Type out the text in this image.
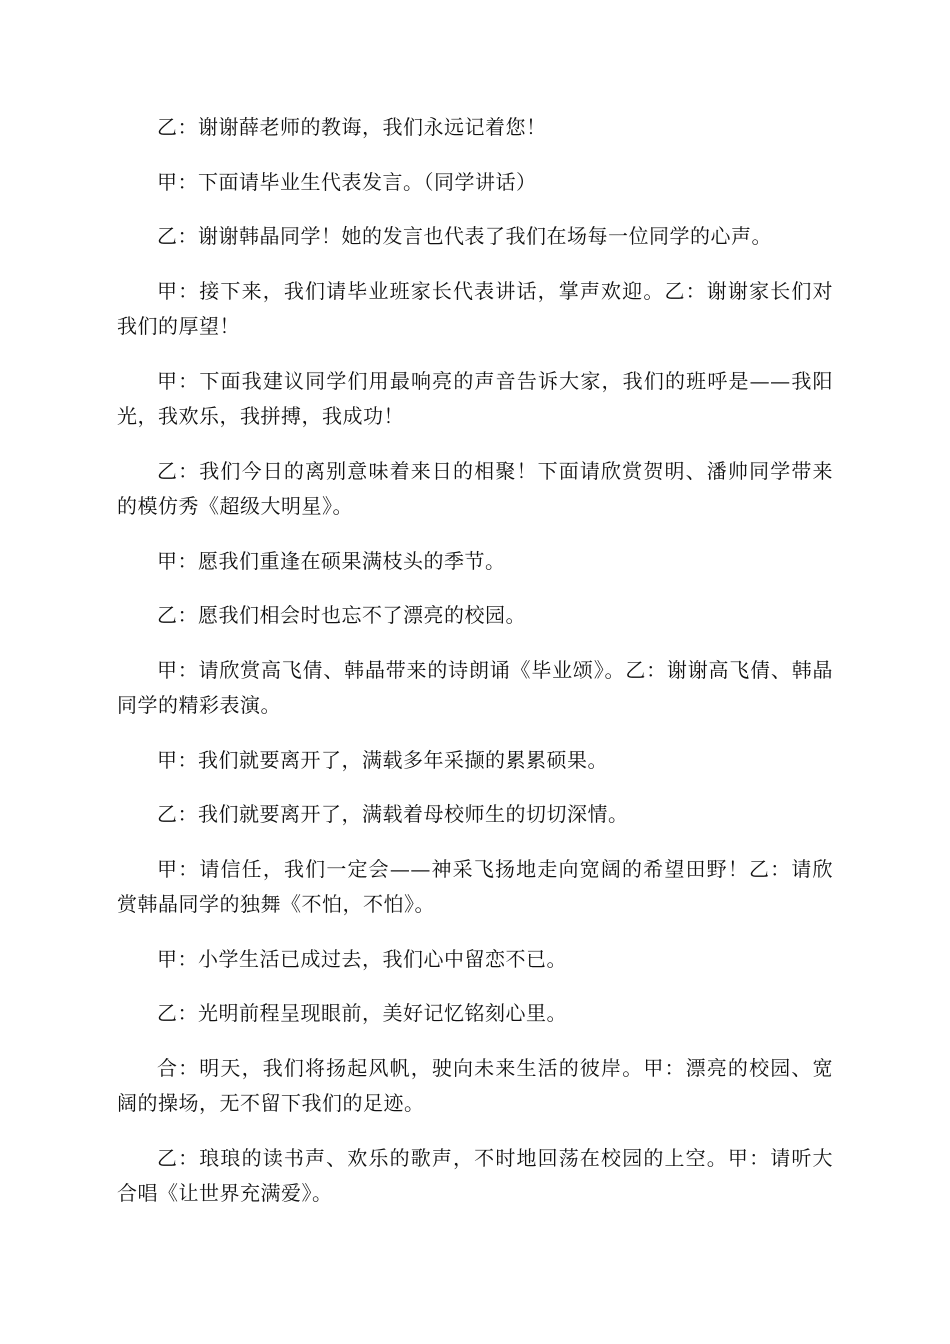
乙：谢谢薛老师的教诲，我们永远记着您！

甲：下面请毕业生代表发言。（同学讲话）

乙：谢谢韩晶同学！她的发言也代表了我们在场每一位同学的心声。

甲：接下来，我们请毕业班家长代表讲话，掌声欢迎。乙：谢谢家长们对我们的厚望！

甲：下面我建议同学们用最响亮的声音告诉大家，我们的班呼是——我阳光，我欢乐，我拼搏，我成功！

乙：我们今日的离别意味着来日的相聚！下面请欣赏贺明、潘帅同学带来的模仿秀《超级大明星》。

甲：愿我们重逢在硕果满枝头的季节。

乙：愿我们相会时也忘不了漂亮的校园。

甲：请欣赏高飞倩、韩晶带来的诗朗诵《毕业颂》。乙：谢谢高飞倩、韩晶同学的精彩表演。

甲：我们就要离开了，满载多年采撷的累累硕果。

乙：我们就要离开了，满载着母校师生的切切深情。

甲：请信任，我们一定会——神采飞扬地走向宽阔的希望田野！乙：请欣赏韩晶同学的独舞《不怕，不怕》。

甲：小学生活已成过去，我们心中留恋不已。

乙：光明前程呈现眼前，美好记忆铭刻心里。

合：明天，我们将扬起风帆，驶向未来生活的彼岸。甲：漂亮的校园、宽阔的操场，无不留下我们的足迹。

乙：琅琅的读书声、欢乐的歌声，不时地回荡在校园的上空。甲：请听大合唱《让世界充满爱》。
